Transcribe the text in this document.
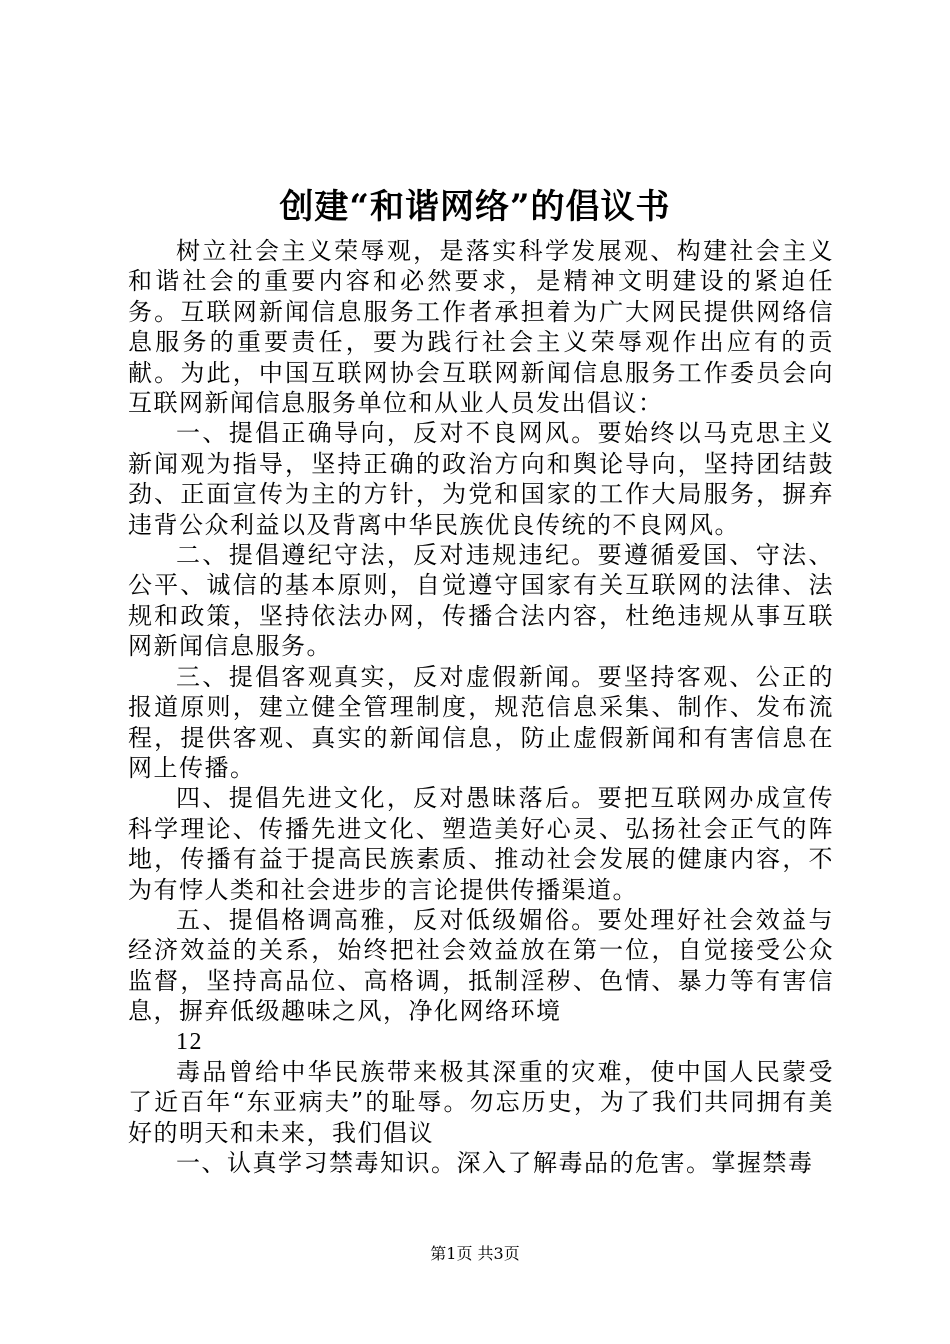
创建“和谐网络”的倡议书

树立社会主义荣辱观，是落实科学发展观、构建社会主义和谐社会的重要内容和必然要求，是精神文明建设的紧迫任务。互联网新闻信息服务工作者承担着为广大网民提供网络信息服务的重要责任，要为践行社会主义荣辱观作出应有的贡献。为此，中国互联网协会互联网新闻信息服务工作委员会向互联网新闻信息服务单位和从业人员发出倡议：

一、提倡正确导向，反对不良网风。要始终以马克思主义新闻观为指导，坚持正确的政治方向和舆论导向，坚持团结鼓劲、正面宣传为主的方针，为党和国家的工作大局服务，摒弃违背公众利益以及背离中华民族优良传统的不良网风。

二、提倡遵纪守法，反对违规违纪。要遵循爱国、守法、公平、诚信的基本原则，自觉遵守国家有关互联网的法律、法规和政策，坚持依法办网，传播合法内容，杜绝违规从事互联网新闻信息服务。

三、提倡客观真实，反对虚假新闻。要坚持客观、公正的报道原则，建立健全管理制度，规范信息采集、制作、发布流程，提供客观、真实的新闻信息，防止虚假新闻和有害信息在网上传播。

四、提倡先进文化，反对愚昧落后。要把互联网办成宣传科学理论、传播先进文化、塑造美好心灵、弘扬社会正气的阵地，传播有益于提高民族素质、推动社会发展的健康内容，不为有悖人类和社会进步的言论提供传播渠道。

五、提倡格调高雅，反对低级媚俗。要处理好社会效益与经济效益的关系，始终把社会效益放在第一位，自觉接受公众监督，坚持高品位、高格调，抵制淫秽、色情、暴力等有害信息，摒弃低级趣味之风，净化网络环境

12

毒品曾给中华民族带来极其深重的灾难，使中国人民蒙受了近百年“东亚病夫”的耻辱。勿忘历史，为了我们共同拥有美好的明天和未来，我们倡议

一、认真学习禁毒知识。深入了解毒品的危害。掌握禁毒

第1页 共3页
